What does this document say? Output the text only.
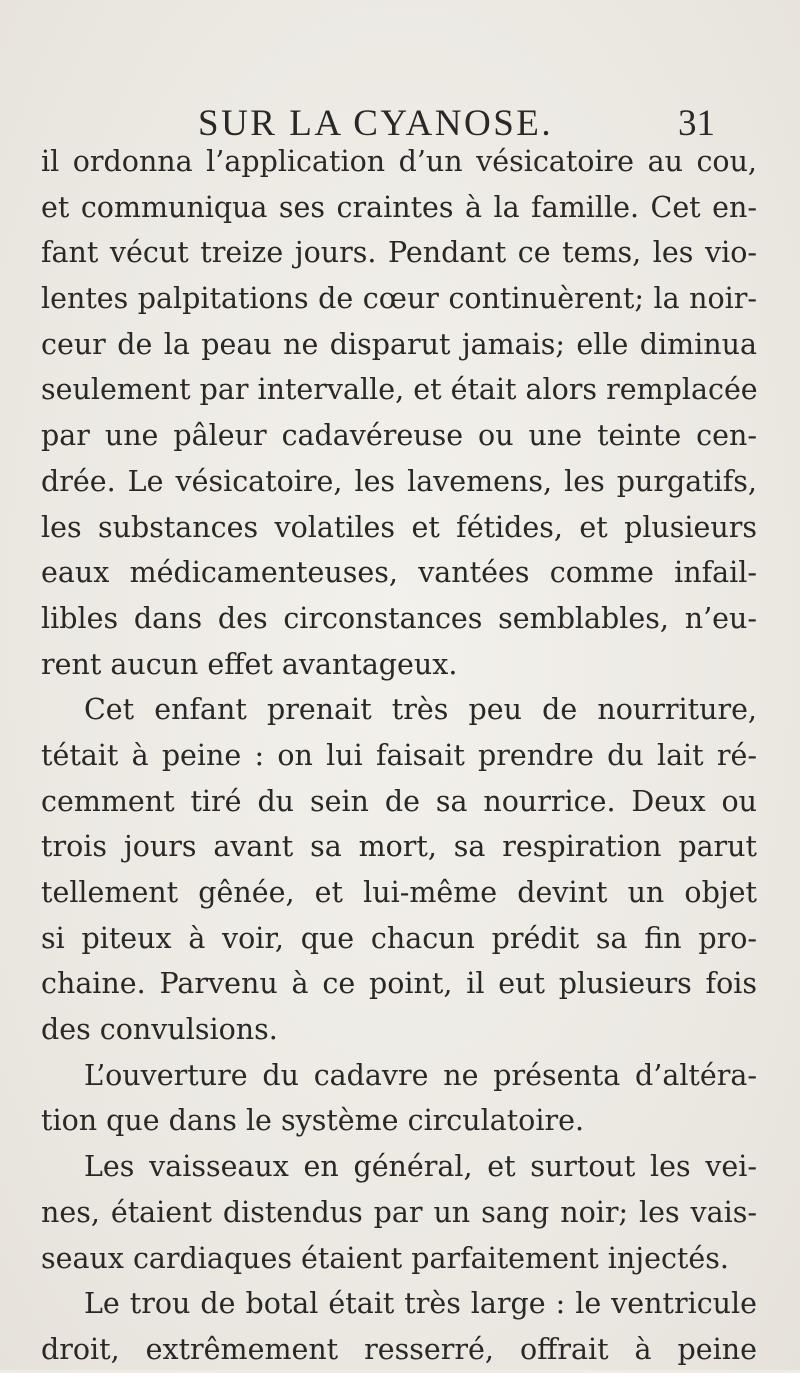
SUR LA CYANOSE.	31
il ordonna l’application d’un vésicatoire au cou,
et communiqua ses craintes à la famille. Cet en-
fant vécut treize jours. Pendant ce tems, les vio-
lentes palpitations de cœur continuèrent; la noir-
ceur de la peau ne disparut jamais; elle diminua
seulement par intervalle, et était alors remplacée
par une pâleur cadavéreuse ou une teinte cen-
drée. Le vésicatoire, les lavemens, les purgatifs,
les substances volatiles et fétides, et plusieurs
eaux médicamenteuses, vantées comme infail-
libles dans des circonstances semblables, n’eu-
rent aucun effet avantageux.
Cet enfant prenait très peu de nourriture,
tétait à peine : on lui faisait prendre du lait ré-
cemment tiré du sein de sa nourrice. Deux ou
trois jours avant sa mort, sa respiration parut
tellement gênée, et lui-même devint un objet
si piteux à voir, que chacun prédit sa fin pro-
chaine. Parvenu à ce point, il eut plusieurs fois
des convulsions.
L’ouverture du cadavre ne présenta d’altéra-
tion que dans le système circulatoire.
Les vaisseaux en général, et surtout les vei-
nes, étaient distendus par un sang noir; les vais-
seaux cardiaques étaient parfaitement injectés.
Le trou de botal était très large : le ventricule
droit, extrêmement resserré, offrait à peine
